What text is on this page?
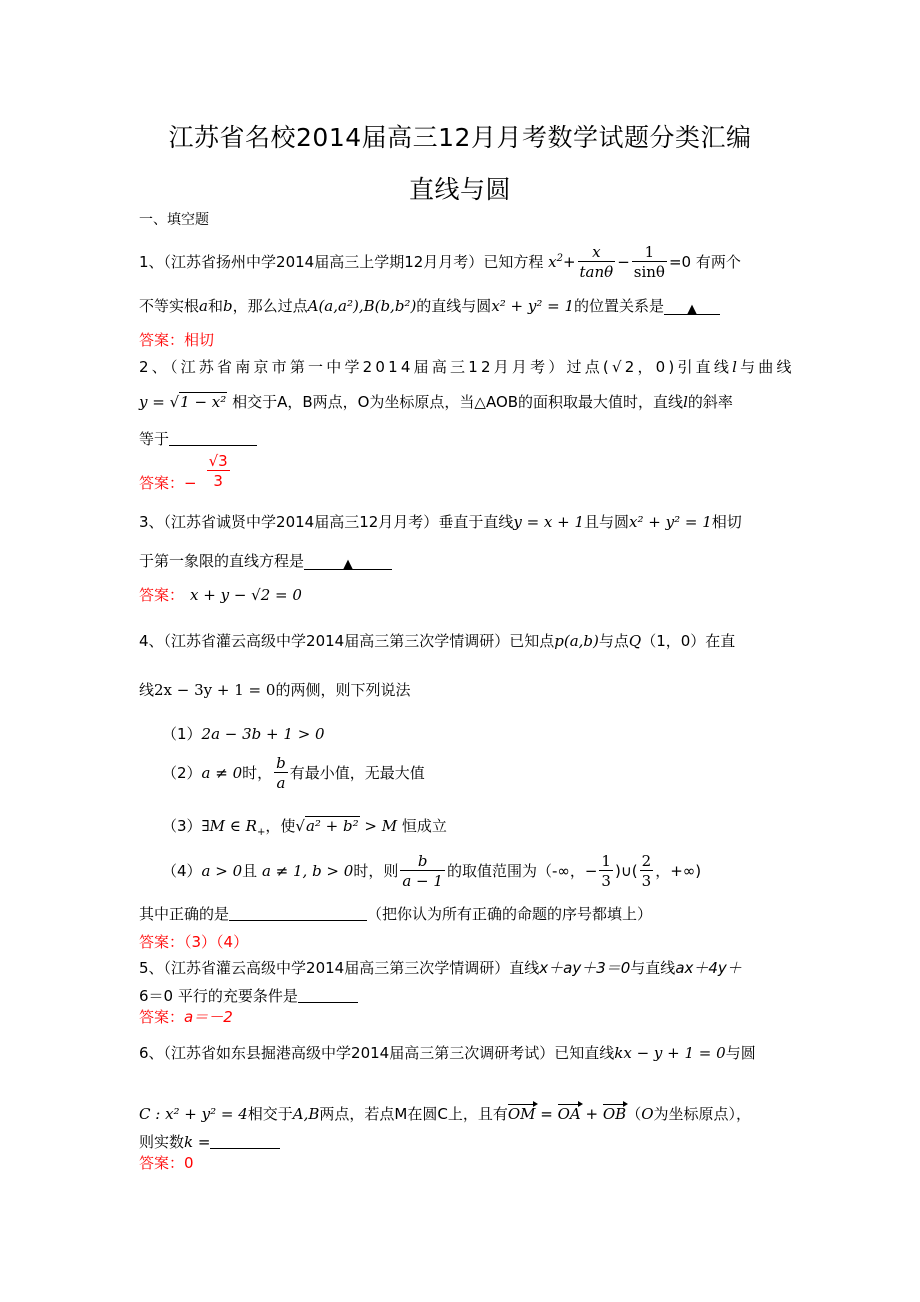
江苏省名校2014届高三12月月考数学试题分类汇编
直线与圆
一、填空题
1、（江苏省扬州中学2014届高三上学期12月月考）已知方程 $x^2+ \frac{x}{\tan\theta} - \frac{1}{\sin\theta} =0$ 有两个
不等实根a和b，那么过点A(a,a²),B(b,b²)的直线与圆x² + y² = 1的位置关系是 ▲
答案：相切
2、（江苏省南京市第一中学2014届高三12月月考）过点(√2，0)引直线l与曲线
y = √1 − x² 相交于A，B两点，O为坐标原点，当△AOB的面积取最大值时，直线l的斜率
等于
答案：− $\frac{√3}{3}$
3、（江苏省诚贤中学2014届高三12月月考）垂直于直线y = x + 1且与圆x² + y² = 1相切
于第一象限的直线方程是	▲
答案： x + y − √2 = 0
4、（江苏省灌云高级中学2014届高三第三次学情调研）已知点p(a,b)与点Q（1，0）在直
线2x − 3y + 1 = 0的两侧，则下列说法
（1）2a − 3b + 1 > 0
（2）a ≠ 0时， $\frac{b}{a}$ 有最小值，无最大值
（3）∃M ∈ $R_+$，使√a² + b² > M 恒成立
（4）a > 0且 a ≠ 1, b > 0时，则 $\frac{b}{a - 1}$ 的取值范围为（-∞，− $\frac{1}{3}$ )∪( $\frac{2}{3}$ ，+∞)
其中正确的是	（把你认为所有正确的命题的序号都填上）
答案：（3）（4）
5、（江苏省灌云高级中学2014届高三第三次学情调研）直线x＋ay＋3＝0与直线ax＋4y＋
6＝0 平行的充要条件是
答案：a＝－2
6、（江苏省如东县掘港高级中学2014届高三第三次调研考试）已知直线kx − y + 1 = 0与圆
C : x² + y² = 4相交于A,B两点，若点M在圆C上，且有OM = OA + OB（O为坐标原点），
则实数k =
答案：0
